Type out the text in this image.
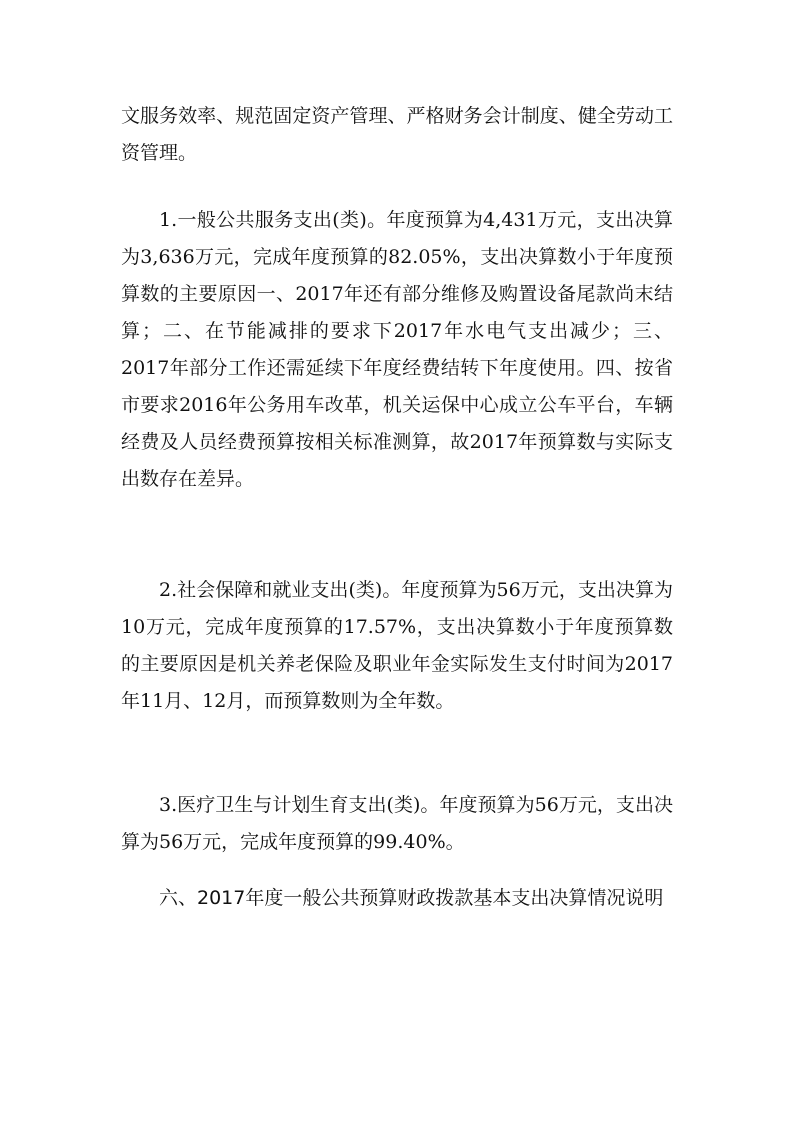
文服务效率、规范固定资产管理、严格财务会计制度、健全劳动工资管理。

1.一般公共服务支出(类)。年度预算为4,431万元，支出决算为3,636万元，完成年度预算的82.05%，支出决算数小于年度预算数的主要原因一、2017年还有部分维修及购置设备尾款尚末结算；二、在节能减排的要求下2017年水电气支出减少；三、2017年部分工作还需延续下年度经费结转下年度使用。四、按省市要求2016年公务用车改革，机关运保中心成立公车平台，车辆经费及人员经费预算按相关标准测算，故2017年预算数与实际支出数存在差异。

2.社会保障和就业支出(类)。年度预算为56万元，支出决算为10万元，完成年度预算的17.57%，支出决算数小于年度预算数的主要原因是机关养老保险及职业年金实际发生支付时间为2017年11月、12月，而预算数则为全年数。

3.医疗卫生与计划生育支出(类)。年度预算为56万元，支出决算为56万元，完成年度预算的99.40%。

六、2017年度一般公共预算财政拨款基本支出决算情况说明
